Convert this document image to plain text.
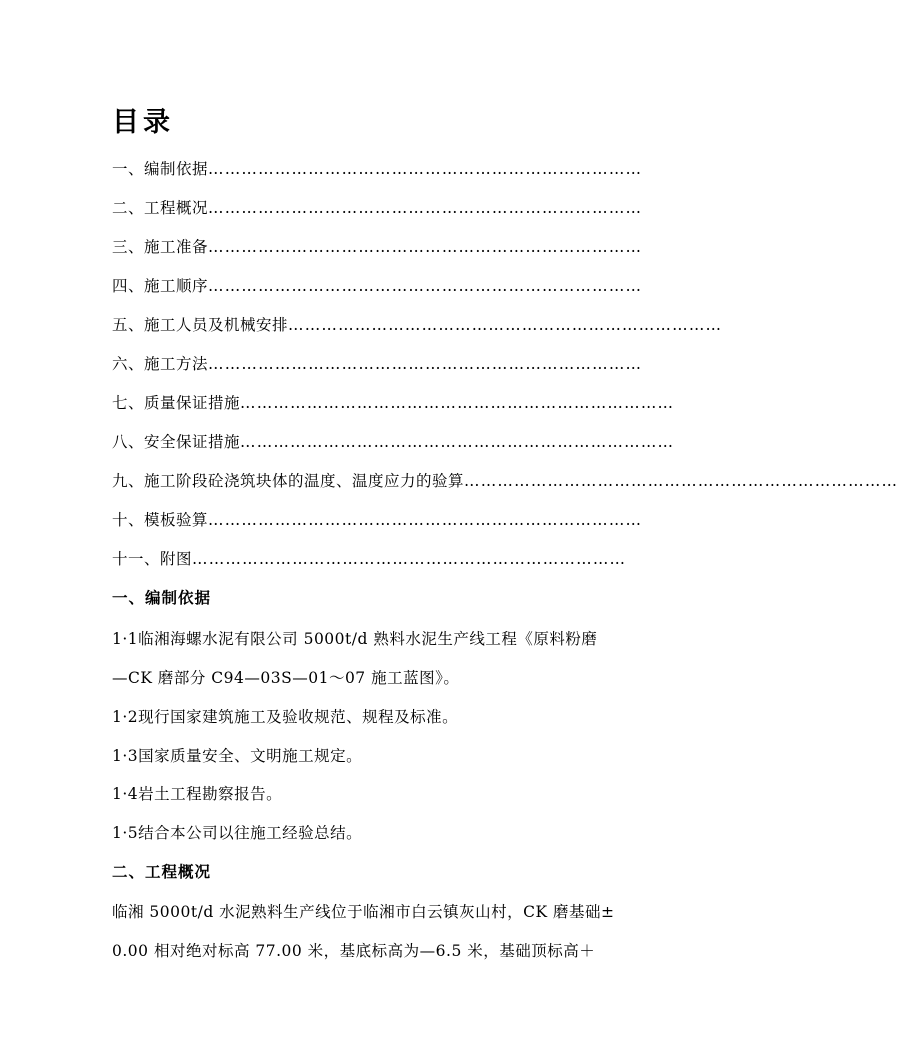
目录
一、编制依据 ……………………………………………………………………
二、工程概况 ……………………………………………………………………
三、施工准备 ……………………………………………………………………
四、施工顺序 ……………………………………………………………………
五、施工人员及机械安排 ……………………………………………………………………
六、施工方法 ……………………………………………………………………
七、质量保证措施 ……………………………………………………………………
八、安全保证措施 ……………………………………………………………………
九、施工阶段砼浇筑块体的温度、温度应力的验算 ……………………………………………………………………
十、模板验算 ……………………………………………………………………
十一、附图 ……………………………………………………………………
一、编制依据
1·1临湘海螺水泥有限公司 5000t/d 熟料水泥生产线工程《原料粉磨
—CK 磨部分 C94—03S—01～07 施工蓝图》。
1·2现行国家建筑施工及验收规范、规程及标准。
1·3国家质量安全、文明施工规定。
1·4岩土工程勘察报告。
1·5结合本公司以往施工经验总结。
二、工程概况
临湘 5000t/d 水泥熟料生产线位于临湘市白云镇灰山村，CK 磨基础±
0.00 相对绝对标高 77.00 米，基底标高为—6.5 米，基础顶标高＋
